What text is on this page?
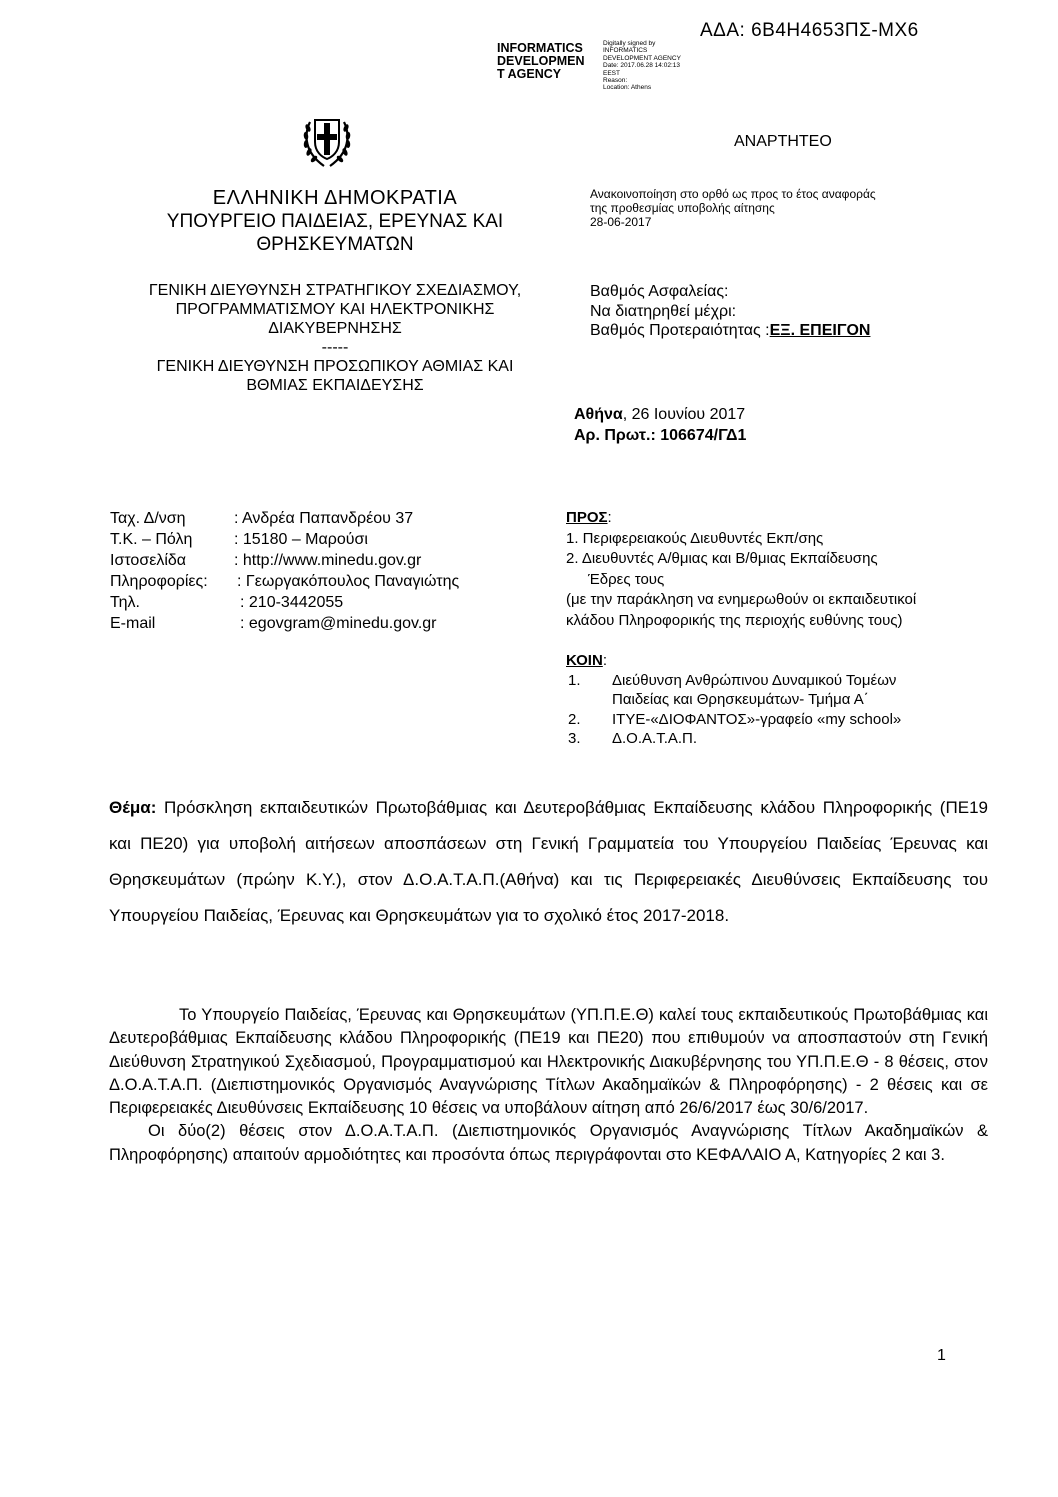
ΑΔΑ: 6Β4Η4653ΠΣ-ΜΧ6
INFORMATICS
DEVELOPMEN
T AGENCY
Digitally signed by
INFORMATICS
DEVELOPMENT AGENCY
Date: 2017.06.28 14:02:13
EEST
Reason:
Location: Athens
ΑΝΑΡΤΗΤΕΟ
ΕΛΛΗΝΙΚΗ ΔΗΜΟΚΡΑΤΙΑ
ΥΠΟΥΡΓΕΙΟ ΠΑΙΔΕΙΑΣ, ΕΡΕΥΝΑΣ ΚΑΙ
ΘΡΗΣΚΕΥΜΑΤΩΝ
ΓΕΝΙΚΗ ΔΙΕΥΘΥΝΣΗ ΣΤΡΑΤΗΓΙΚΟΥ ΣΧΕΔΙΑΣΜΟΥ,
ΠΡΟΓΡΑΜΜΑΤΙΣΜΟΥ ΚΑΙ ΗΛΕΚΤΡΟΝΙΚΗΣ
ΔΙΑΚΥΒΕΡΝΗΣΗΣ
-----
ΓΕΝΙΚΗ ΔΙΕΥΘΥΝΣΗ ΠΡΟΣΩΠΙΚΟΥ ΑΘΜΙΑΣ ΚΑΙ
ΒΘΜΙΑΣ ΕΚΠΑΙΔΕΥΣΗΣ
Ανακοινοποίηση στο ορθό ως προς το έτος αναφοράς
της προθεσμίας υποβολής αίτησης
28-06-2017
Βαθμός Ασφαλείας:
Να διατηρηθεί μέχρι:
Βαθμός Προτεραιότητας :ΕΞ. ΕΠΕΙΓΟΝ
Αθήνα, 26 Ιουνίου 2017
Αρ. Πρωτ.: 106674/ΓΔ1
Ταχ. Δ/νση	: Ανδρέα Παπανδρέου 37
Τ.Κ. – Πόλη	: 15180 – Μαρούσι
Ιστοσελίδα	: http://www.minedu.gov.gr
Πληροφορίες: : Γεωργακόπουλος Παναγιώτης
Τηλ.	: 210-3442055
E-mail	: egovgram@minedu.gov.gr
ΠΡΟΣ:
1. Περιφερειακούς Διευθυντές Εκπ/σης
2. Διευθυντές Α/θμιας και Β/θμιας Εκπαίδευσης
Έδρες τους
(με την παράκληση να ενημερωθούν οι εκπαιδευτικοί
κλάδου Πληροφορικής της περιοχής ευθύνης τους)
ΚΟΙΝ:
1. Διεύθυνση Ανθρώπινου Δυναμικού Τομέων
Παιδείας και Θρησκευμάτων- Τμήμα Α΄
2. ΙΤΥΕ-«ΔΙΟΦΑΝΤΟΣ»-γραφείο «my school»
3. Δ.Ο.Α.Τ.Α.Π.
Θέμα: Πρόσκληση εκπαιδευτικών Πρωτοβάθμιας και Δευτεροβάθμιας Εκπαίδευσης κλάδου Πληροφορικής (ΠΕ19 και ΠΕ20) για υποβολή αιτήσεων αποσπάσεων στη Γενική Γραμματεία του Υπουργείου Παιδείας Έρευνας και Θρησκευμάτων (πρώην Κ.Υ.), στον Δ.Ο.Α.Τ.Α.Π.(Αθήνα) και τις Περιφερειακές Διευθύνσεις Εκπαίδευσης του Υπουργείου Παιδείας, Έρευνας και Θρησκευμάτων για το σχολικό έτος 2017-2018.

Το Υπουργείο Παιδείας, Έρευνας και Θρησκευμάτων (ΥΠ.Π.Ε.Θ) καλεί τους εκπαιδευτικούς Πρωτοβάθμιας και Δευτεροβάθμιας Εκπαίδευσης κλάδου Πληροφορικής (ΠΕ19 και ΠΕ20) που επιθυμούν να αποσπαστούν στη Γενική Διεύθυνση Στρατηγικού Σχεδιασμού, Προγραμματισμού και Ηλεκτρονικής Διακυβέρνησης του ΥΠ.Π.Ε.Θ - 8 θέσεις, στον Δ.Ο.Α.Τ.Α.Π. (Διεπιστημονικός Οργανισμός Αναγνώρισης Τίτλων Ακαδημαϊκών & Πληροφόρησης) - 2 θέσεις και σε Περιφερειακές Διευθύνσεις Εκπαίδευσης 10 θέσεις να υποβάλουν αίτηση από 26/6/2017 έως 30/6/2017.

Οι δύο(2) θέσεις στον Δ.Ο.Α.Τ.Α.Π. (Διεπιστημονικός Οργανισμός Αναγνώρισης Τίτλων Ακαδημαϊκών & Πληροφόρησης) απαιτούν αρμοδιότητες και προσόντα όπως περιγράφονται στο ΚΕΦΑΛΑΙΟ Α, Κατηγορίες 2 και 3.

1
